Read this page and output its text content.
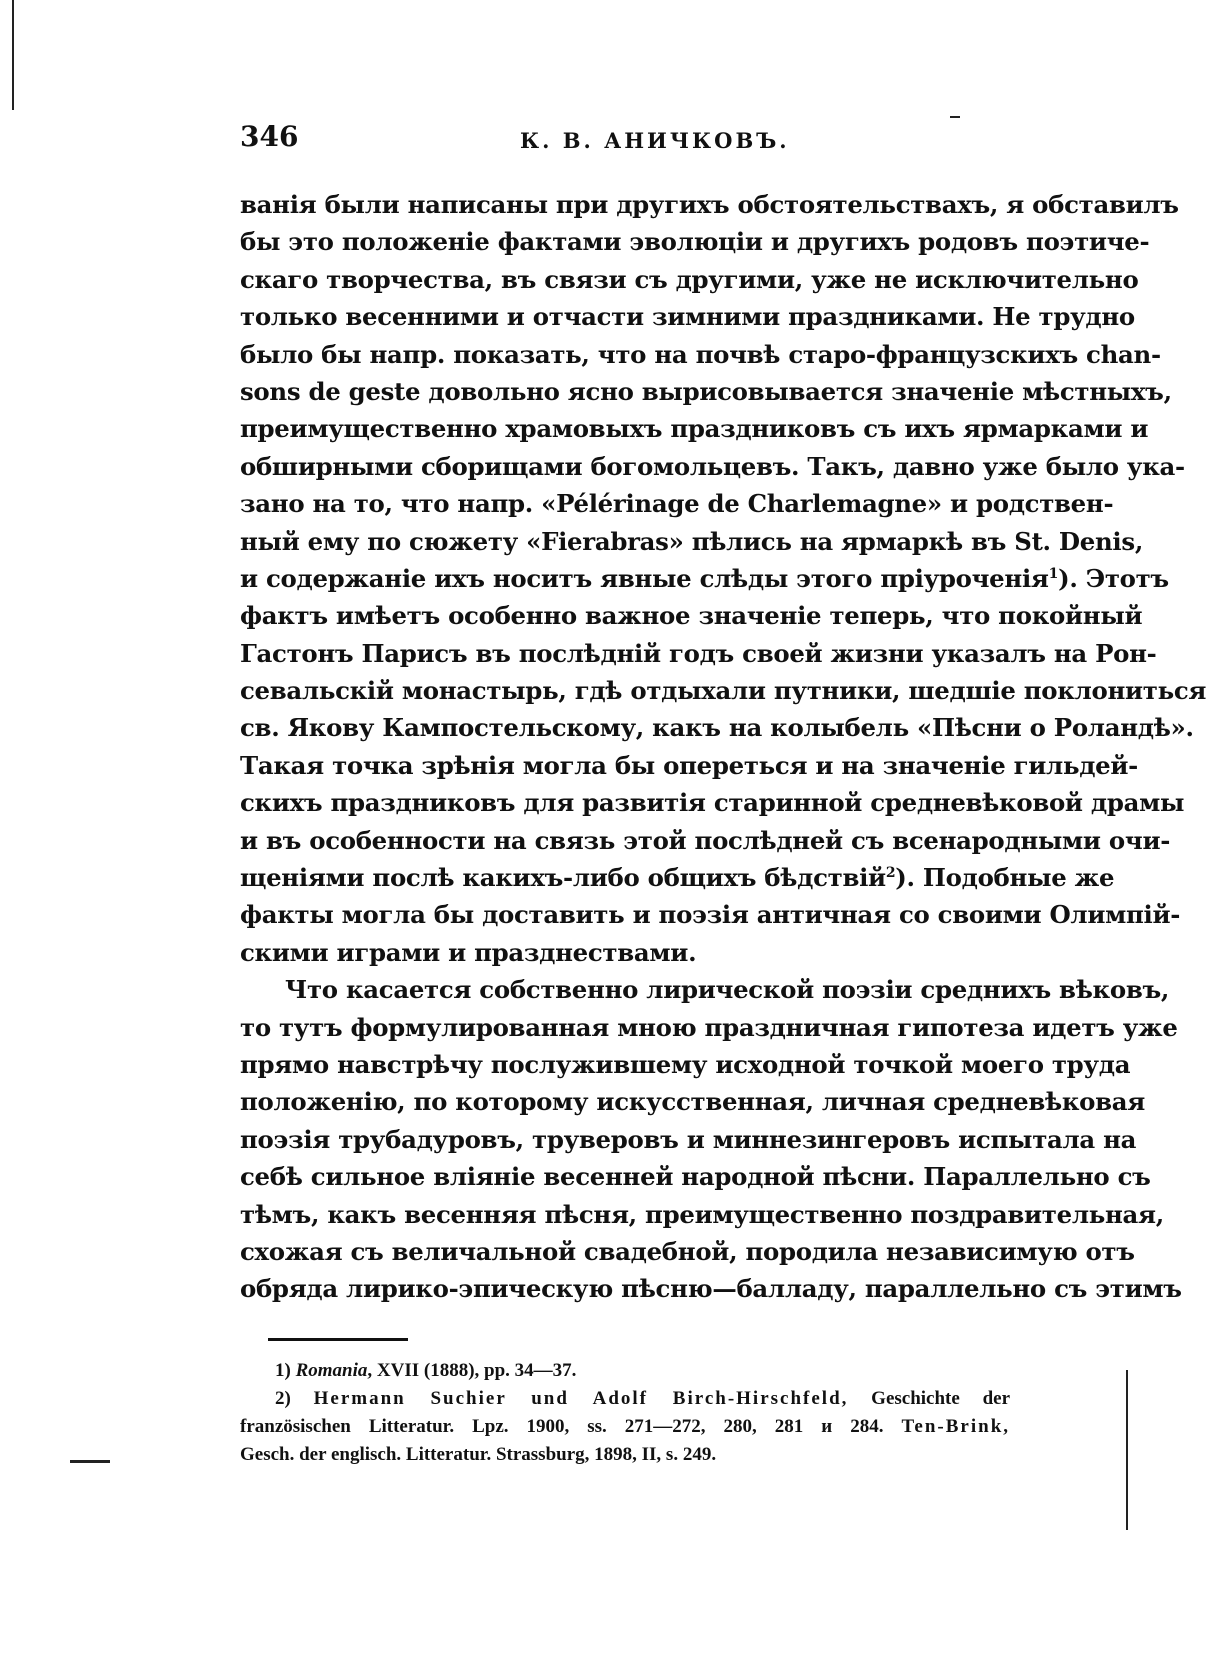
346	К. В. АНИЧКОВЪ.
ванія были написаны при другихъ обстоятельствахъ, я обставилъ
бы это положеніе фактами эволюціи и другихъ родовъ поэтиче-
скаго творчества, въ связи съ другими, уже не исключительно
только весенними и отчасти зимними праздниками. Не трудно
было бы напр. показать, что на почвѣ старо-французскихъ chan-
sons de geste довольно ясно вырисовывается значеніе мѣстныхъ,
преимущественно храмовыхъ праздниковъ съ ихъ ярмарками и
обширными сборищами богомольцевъ. Такъ, давно уже было ука-
зано на то, что напр. «Pélérinage de Charlemagne» и родствен-
ный ему по сюжету «Fierabras» пѣлись на ярмаркѣ въ St. Denis,
и содержаніе ихъ носитъ явные слѣды этого пріуроченія$^1$). Этотъ
фактъ имѣетъ особенно важное значеніе теперь, что покойный
Гастонъ Парисъ въ послѣдній годъ своей жизни указалъ на Рон-
севальскій монастырь, гдѣ отдыхали путники, шедшіе поклониться
св. Якову Кампостельскому, какъ на колыбель «Пѣсни о Роландѣ».
Такая точка зрѣнія могла бы опереться и на значеніе гильдей-
скихъ праздниковъ для развитія старинной средневѣковой драмы
и въ особенности на связь этой послѣдней съ всенародными очи-
щеніями послѣ какихъ-либо общихъ бѣдствій$^2$). Подобные же
факты могла бы доставить и поэзія античная со своими Олимпій-
скими играми и празднествами.
Что касается собственно лирической поэзіи среднихъ вѣковъ,
то тутъ формулированная мною праздничная гипотеза идетъ уже
прямо навстрѣчу послужившему исходной точкой моего труда
положенію, по которому искусственная, личная средневѣковая
поэзія трубадуровъ, труверовъ и миннезингеровъ испытала на
себѣ сильное вліяніе весенней народной пѣсни. Параллельно съ
тѣмъ, какъ весенняя пѣсня, преимущественно поздравительная,
схожая съ величальной свадебной, породила независимую отъ
обряда лирико-эпическую пѣсню—балладу, параллельно съ этимъ
1) Romania, XVII (1888), pp. 34—37.
2) Hermann Suchier und Adolf Birch-Hirschfeld, Geschichte der
französischen Litteratur. Lpz. 1900, ss. 271—272, 280, 281 и 284. Ten-Brink,
Gesch. der englisch. Litteratur. Strassburg, 1898, II, s. 249.
